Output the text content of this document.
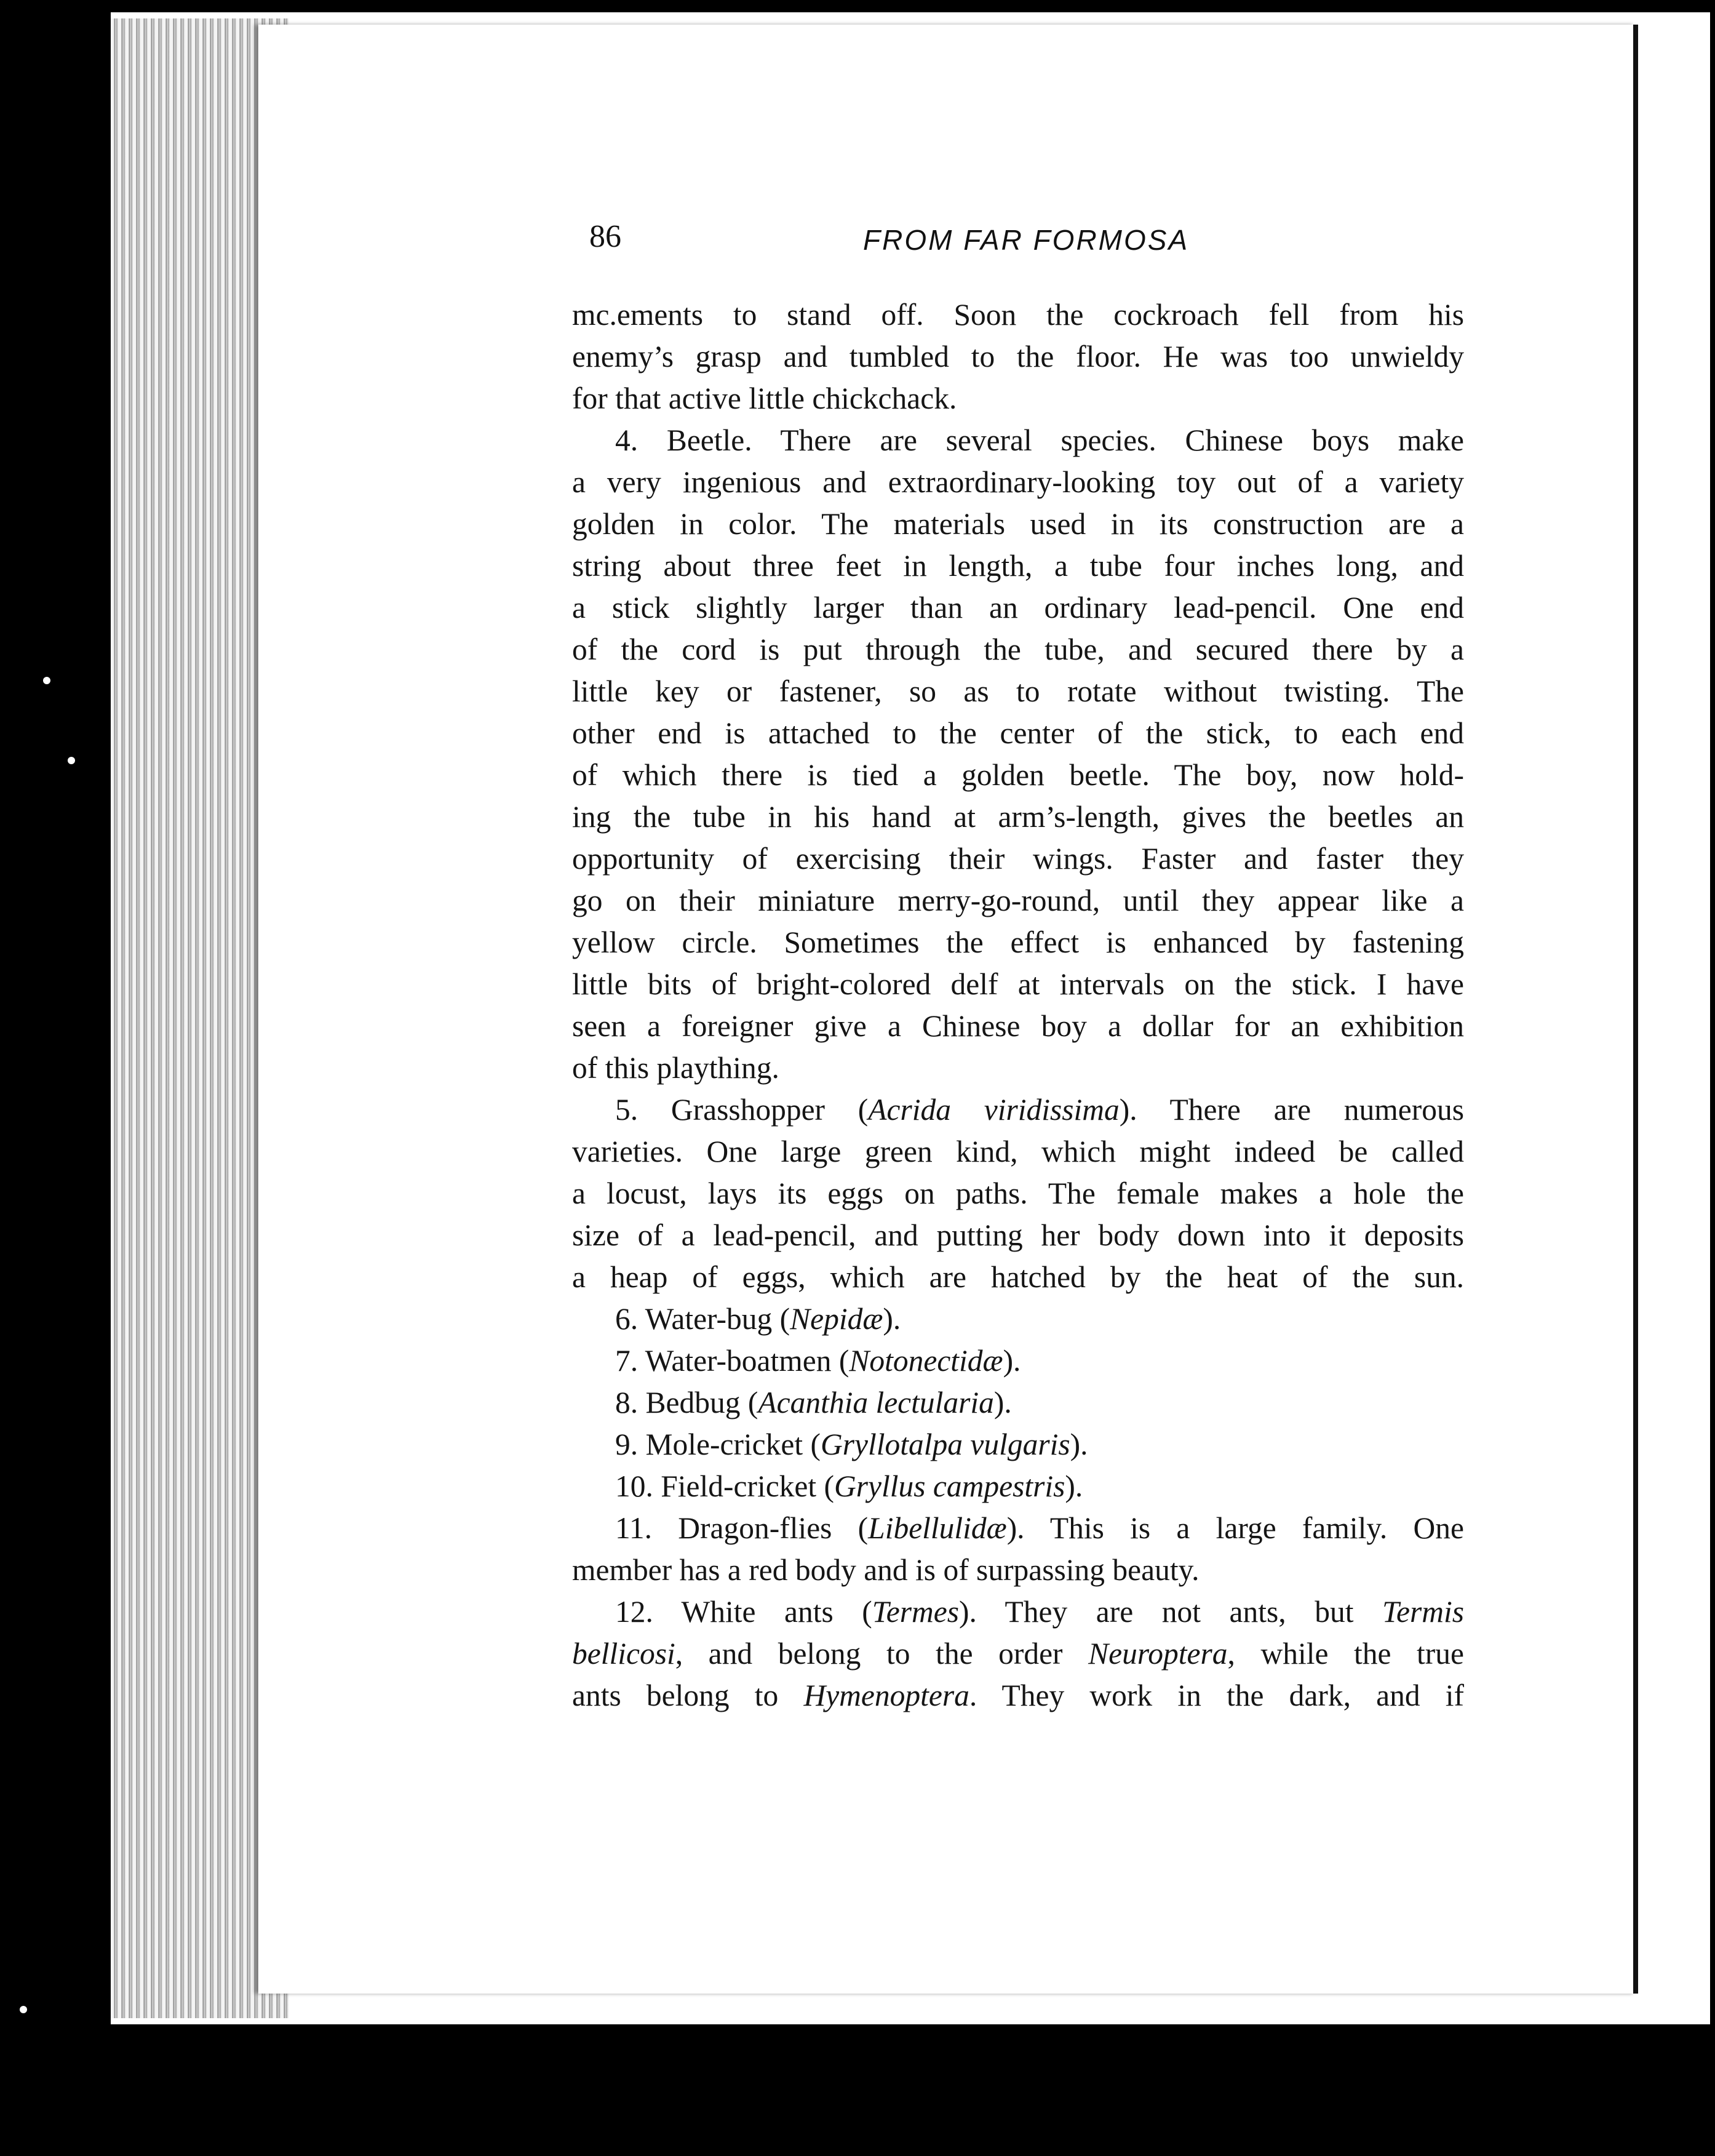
86	FROM FAR FORMOSA
mc.ements to stand off. Soon the cockroach fell from his
enemy’s grasp and tumbled to the floor. He was too unwieldy
for that active little chickchack.
4. Beetle. There are several species. Chinese boys make
a very ingenious and extraordinary-looking toy out of a variety
golden in color. The materials used in its construction are a
string about three feet in length, a tube four inches long, and
a stick slightly larger than an ordinary lead-pencil. One end
of the cord is put through the tube, and secured there by a
little key or fastener, so as to rotate without twisting. The
other end is attached to the center of the stick, to each end
of which there is tied a golden beetle. The boy, now hold-
ing the tube in his hand at arm’s-length, gives the beetles an
opportunity of exercising their wings. Faster and faster they
go on their miniature merry-go-round, until they appear like a
yellow circle. Sometimes the effect is enhanced by fastening
little bits of bright-colored delf at intervals on the stick. I have
seen a foreigner give a Chinese boy a dollar for an exhibition
of this plaything.
5. Grasshopper (Acrida viridissima). There are numerous
varieties. One large green kind, which might indeed be called
a locust, lays its eggs on paths. The female makes a hole the
size of a lead-pencil, and putting her body down into it deposits
a heap of eggs, which are hatched by the heat of the sun.
6. Water-bug (Nepidæ).
7. Water-boatmen (Notonectidæ).
8. Bedbug (Acanthia lectularia).
9. Mole-cricket (Gryllotalpa vulgaris).
10. Field-cricket (Gryllus campestris).
11. Dragon-flies (Libellulidæ). This is a large family. One
member has a red body and is of surpassing beauty.
12. White ants (Termes). They are not ants, but Termis
bellicosi, and belong to the order Neuroptera, while the true
ants belong to Hymenoptera. They work in the dark, and if
